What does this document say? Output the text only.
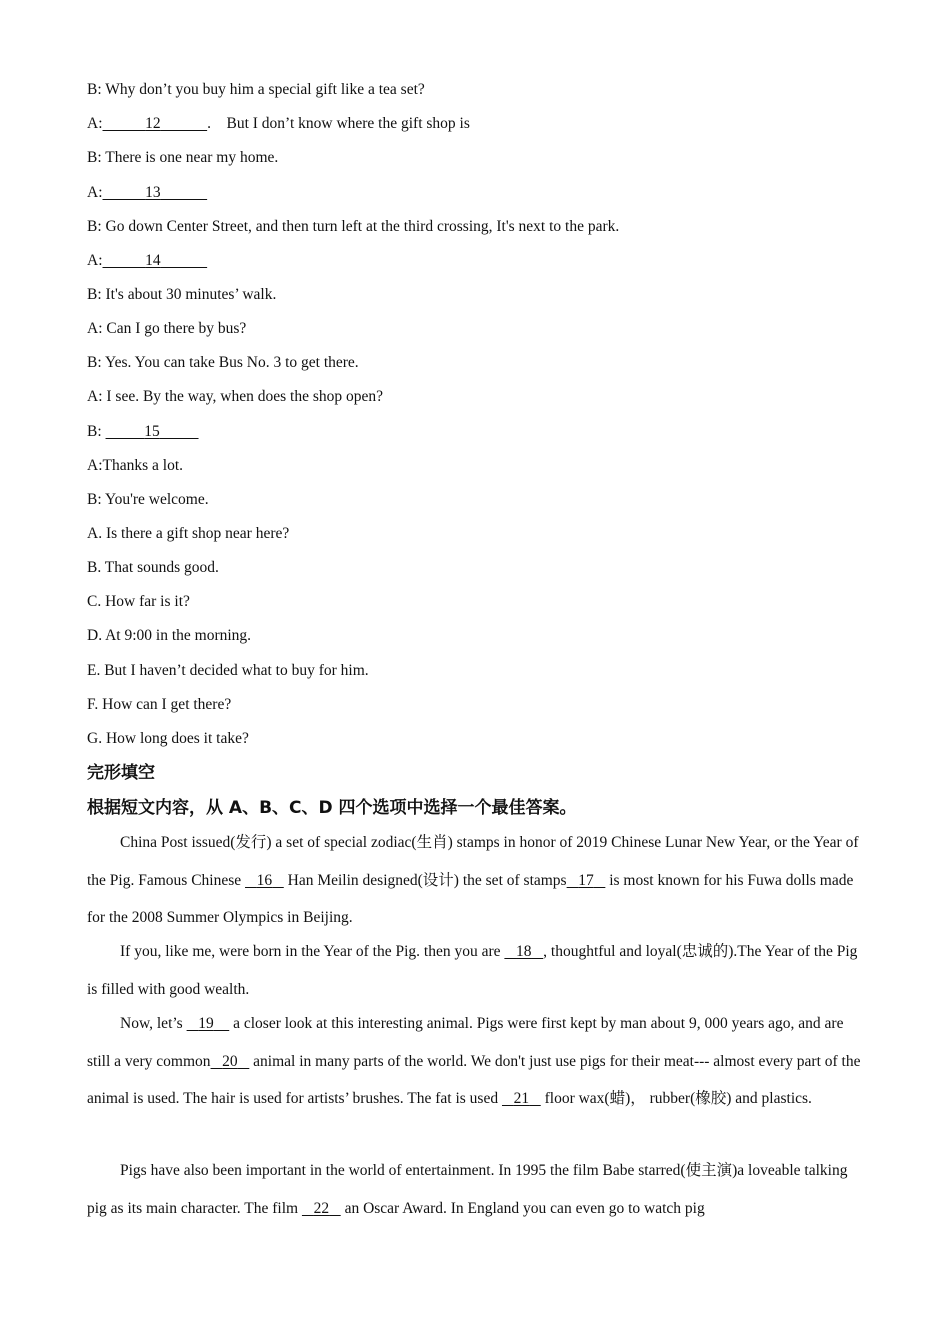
B: Why don’t you buy him a special gift like a tea set?
A:	12	.    But I don’t know where the gift shop is
B: There is one near my home.
A:	13
B: Go down Center Street, and then turn left at the third crossing, It's next to the park.
A:	14
B: It's about 30 minutes’ walk.
A: Can I go there by bus?
B: Yes. You can take Bus No. 3 to get there.
A: I see. By the way, when does the shop open?
B:	15
A:Thanks a lot.
B: You're welcome.
A. Is there a gift shop near here?
B. That sounds good.
C. How far is it?
D. At 9:00 in the morning.
E. But I haven’t decided what to buy for him.
F. How can I get there?
G. How long does it take?
完形填空
根据短文内容，从 A、B、C、D 四个选项中选择一个最佳答案。
China Post issued(发行) a set of special zodiac(生肖) stamps in honor of 2019 Chinese Lunar New Year, or the Year of the Pig. Famous Chinese    16    Han Meilin designed(设计) the set of stamps 17    is most known for his Fuwa dolls made for the 2008 Summer Olympics in Beijing.
If you, like me, were born in the Year of the Pig. then you are    18 , thoughtful and loyal(忠诚的).The Year of the Pig is filled with good wealth.
Now, let’s    19     a closer look at this interesting animal. Pigs were first kept by man about 9, 000 years ago, and are still a very common 20    animal in many parts of the world. We don't just use pigs for their meat--- almost every part of the animal is used. The hair is used for artists’ brushes. The fat is used    21    floor wax(蜡)， rubber(橡胶) and plastics.
Pigs have also been important in the world of entertainment. In 1995 the film Babe starred(使主演)a loveable talking pig as its main character. The film    22    an Oscar Award. In England you can even go to watch pig
